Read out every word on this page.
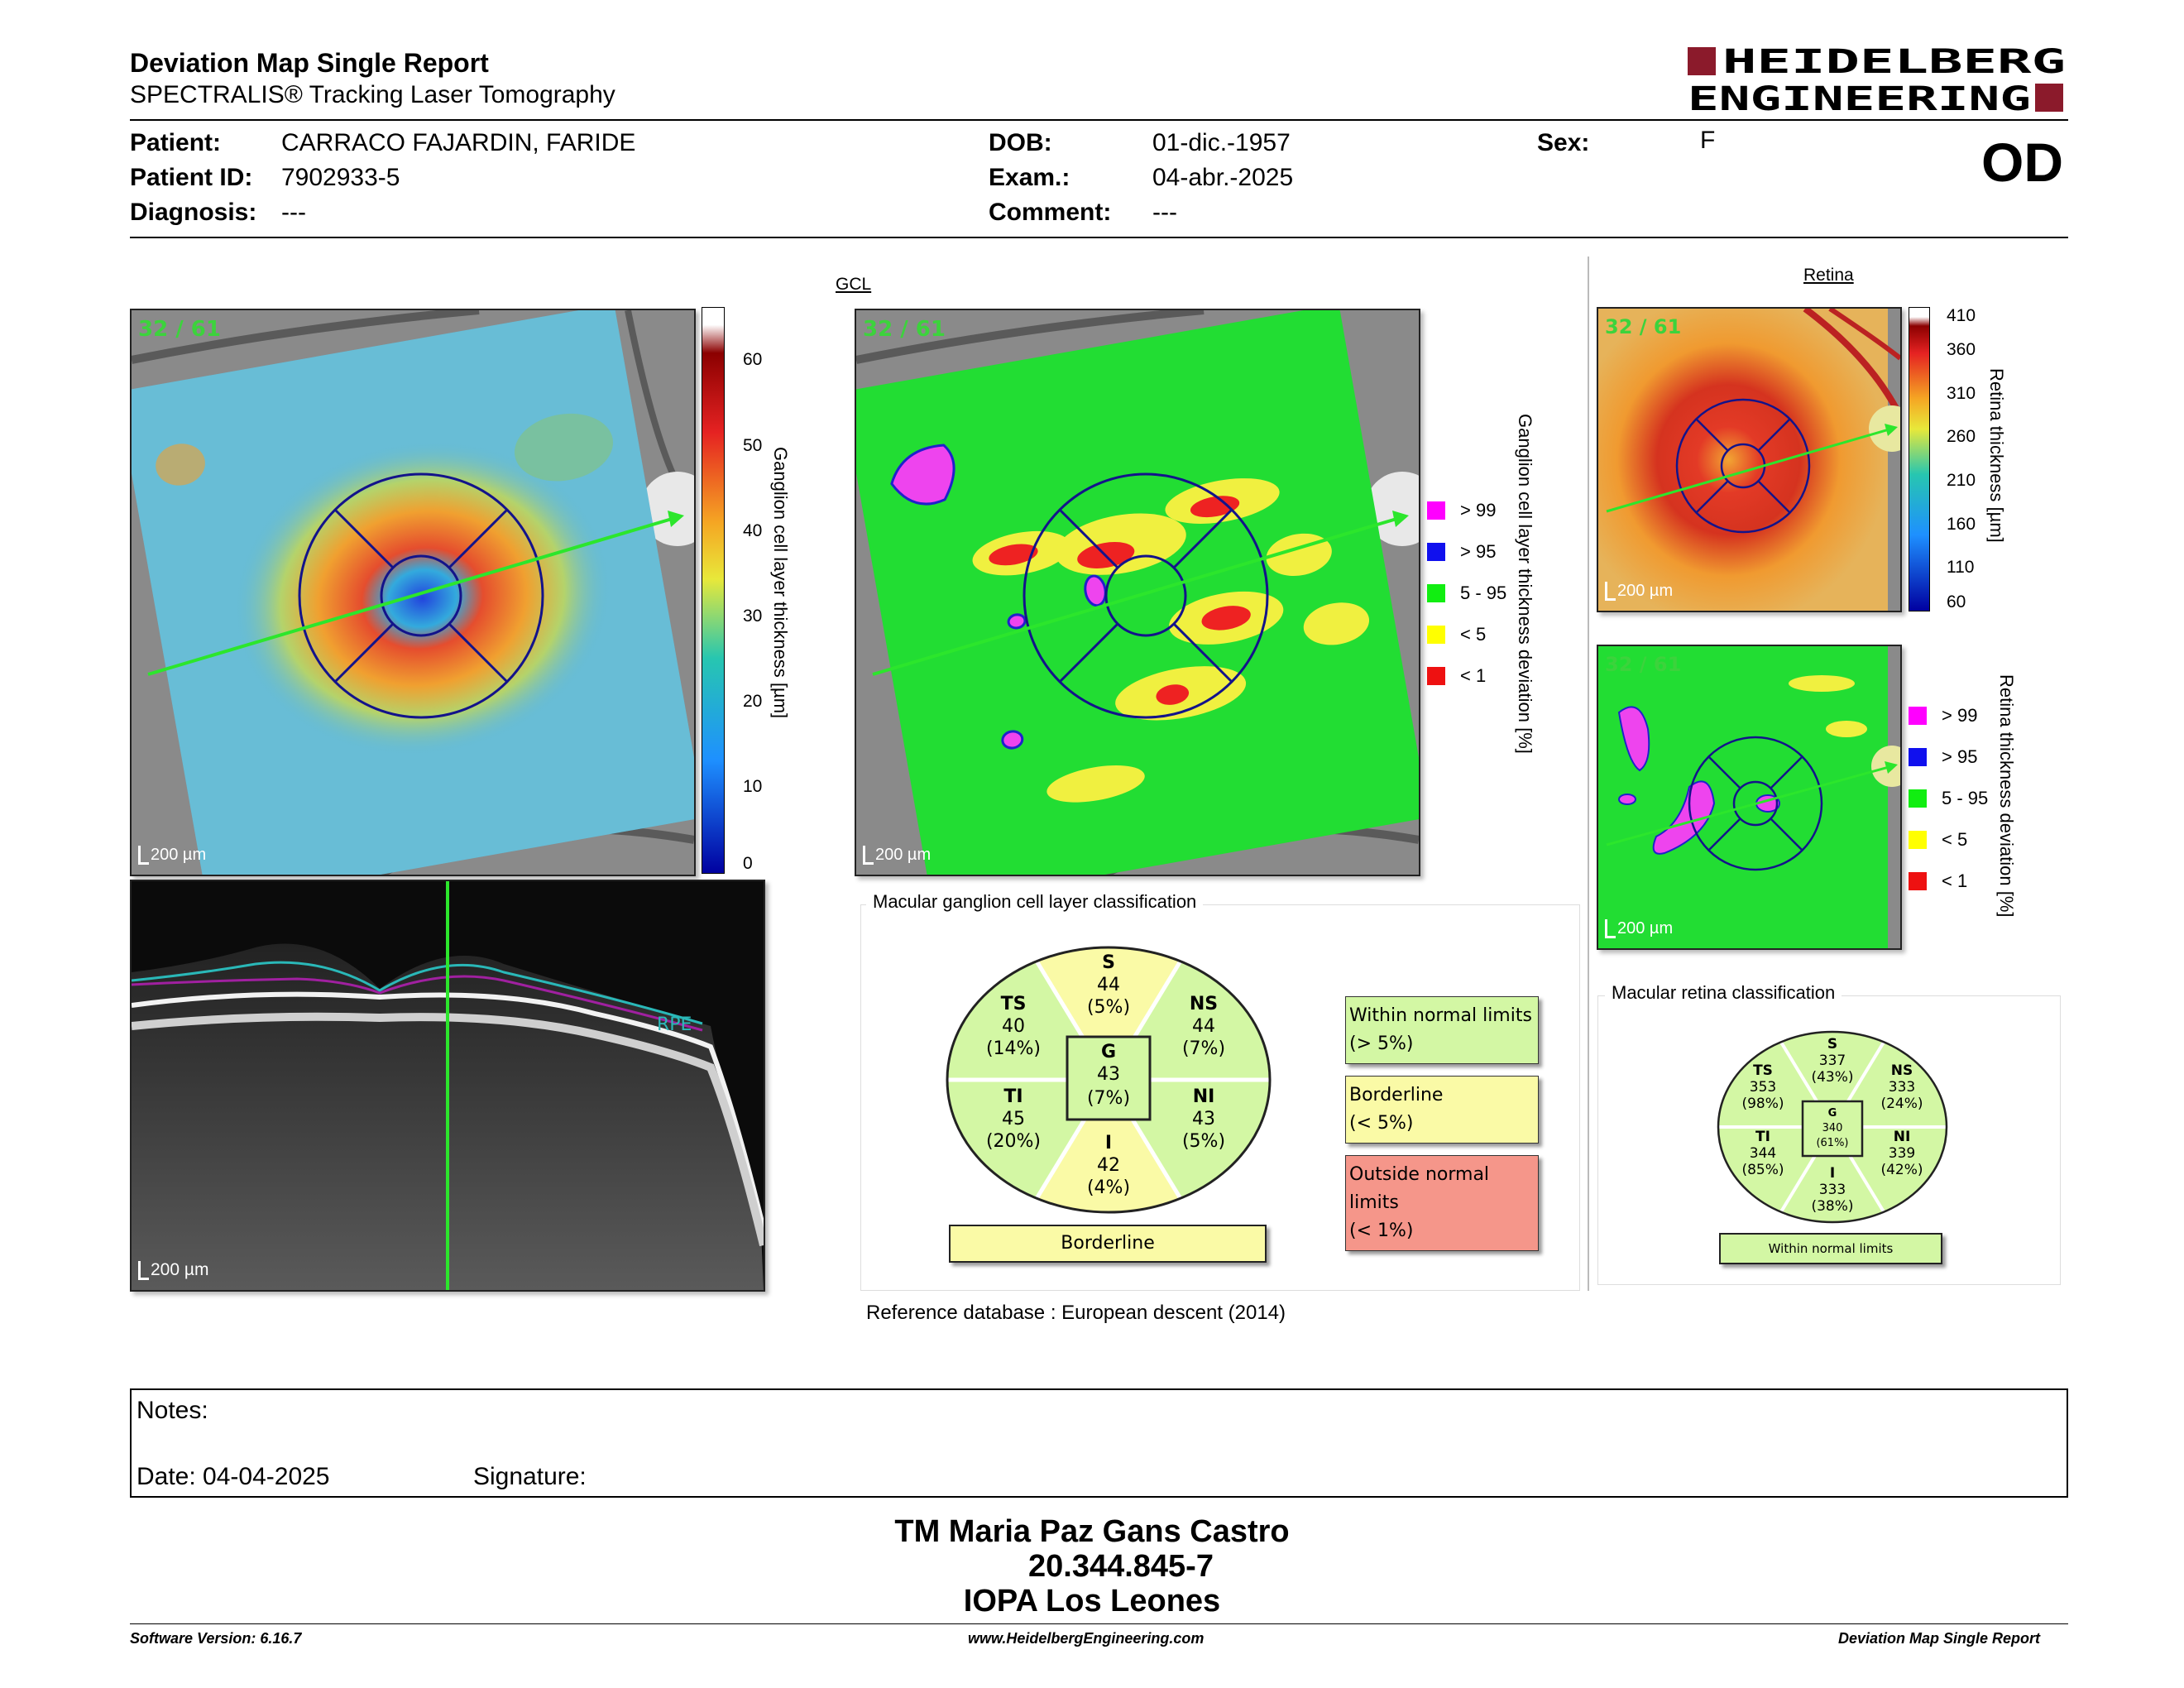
Deviation Map Single Report
SPECTRALIS® Tracking Laser Tomography
HEIDELBERG
ENGINEERING
Patient: CARRACO FAJARDIN, FARIDE
Patient ID: 7902933-5
Diagnosis: ---
DOB:	01-dic.-1957
Exam.:	04-abr.-2025
Comment: ---
Sex:	F	OD
32 / 61
200 µm
60
50
40
30
20
10
0
Ganglion cell layer thickness [µm]
RPE
200 µm
GCL
32 / 61
200 µm
> 99
> 95
5 - 95
< 5
< 1 Ganglion cell layer thickness deviation [%]
Macular ganglion cell layer classification
S
44
(5%)
TS
40
(14%)
NS
44
(7%)
G
43
(7%)
TI
45
(20%)
NI
43
(5%)
I
42
(4%)
Borderline
Within normal limits
(> 5%)
Borderline
(< 5%)
Outside normal limits
(< 1%)
Reference database : European descent (2014)
Retina
32 / 61
200 µm
410
360
310
260
210
160
110
60
Retina thickness [µm]
32 / 61
200 µm
> 99
> 95
5 - 95
< 5
< 1 Retina thickness deviation [%]
Macular retina classification
S
337
(43%)
TS
353
(98%)
NS
333
(24%)
G
340
(61%)
TI
344
(85%)
NI
339
(42%)
I
333
(38%)
Within normal limits
Notes:
Date: 04-04-2025	Signature:
TM Maria Paz Gans Castro
20.344.845-7
IOPA Los Leones
Software Version: 6.16.7	www.HeidelbergEngineering.com	Deviation Map Single Report
